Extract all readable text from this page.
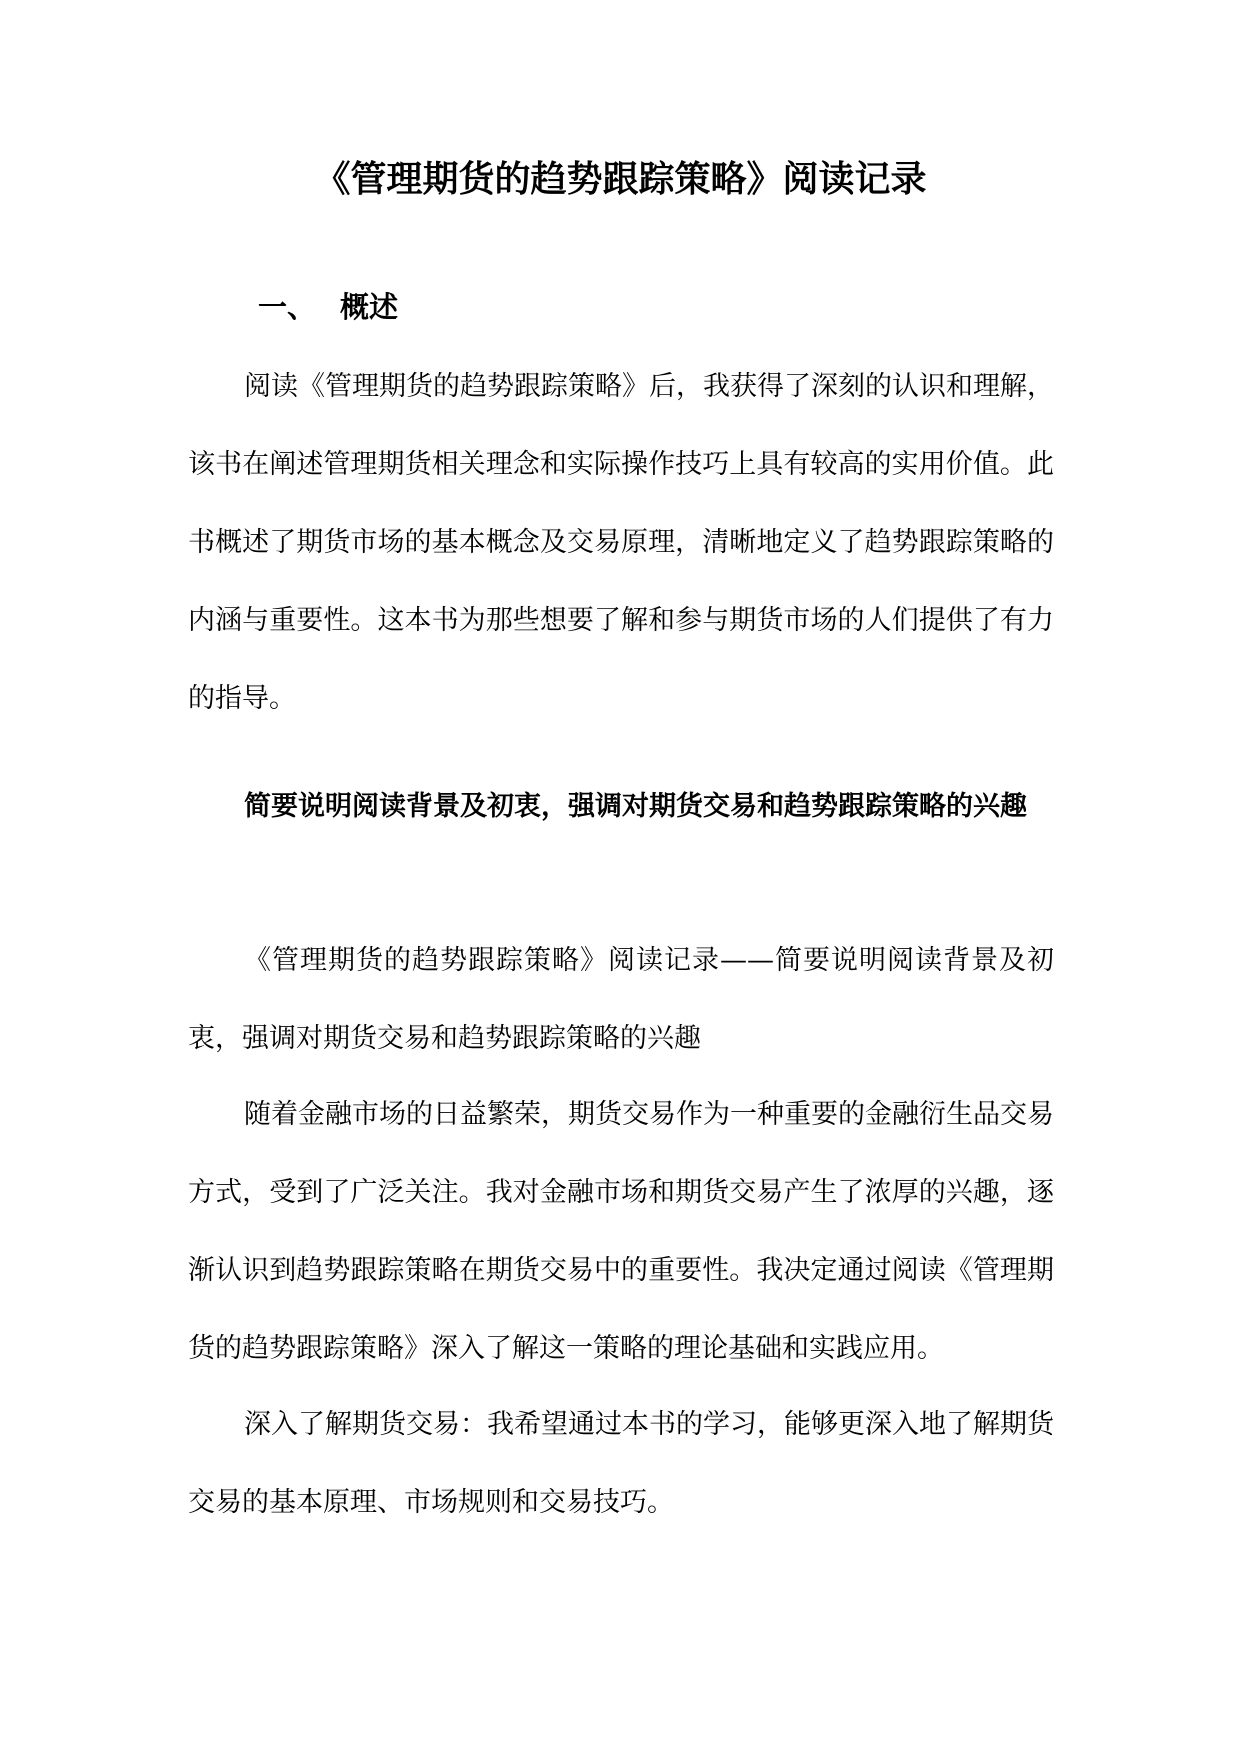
《管理期货的趋势跟踪策略》阅读记录
一、 概述

阅读《管理期货的趋势跟踪策略》后，我获得了深刻的认识和理解，该书在阐述管理期货相关理念和实际操作技巧上具有较高的实用价值。此书概述了期货市场的基本概念及交易原理，清晰地定义了趋势跟踪策略的内涵与重要性。这本书为那些想要了解和参与期货市场的人们提供了有力的指导。

简要说明阅读背景及初衷，强调对期货交易和趋势跟踪策略的兴趣

《管理期货的趋势跟踪策略》阅读记录——简要说明阅读背景及初衷，强调对期货交易和趋势跟踪策略的兴趣

随着金融市场的日益繁荣，期货交易作为一种重要的金融衍生品交易方式，受到了广泛关注。我对金融市场和期货交易产生了浓厚的兴趣，逐渐认识到趋势跟踪策略在期货交易中的重要性。我决定通过阅读《管理期货的趋势跟踪策略》深入了解这一策略的理论基础和实践应用。

深入了解期货交易：我希望通过本书的学习，能够更深入地了解期货交易的基本原理、市场规则和交易技巧。
